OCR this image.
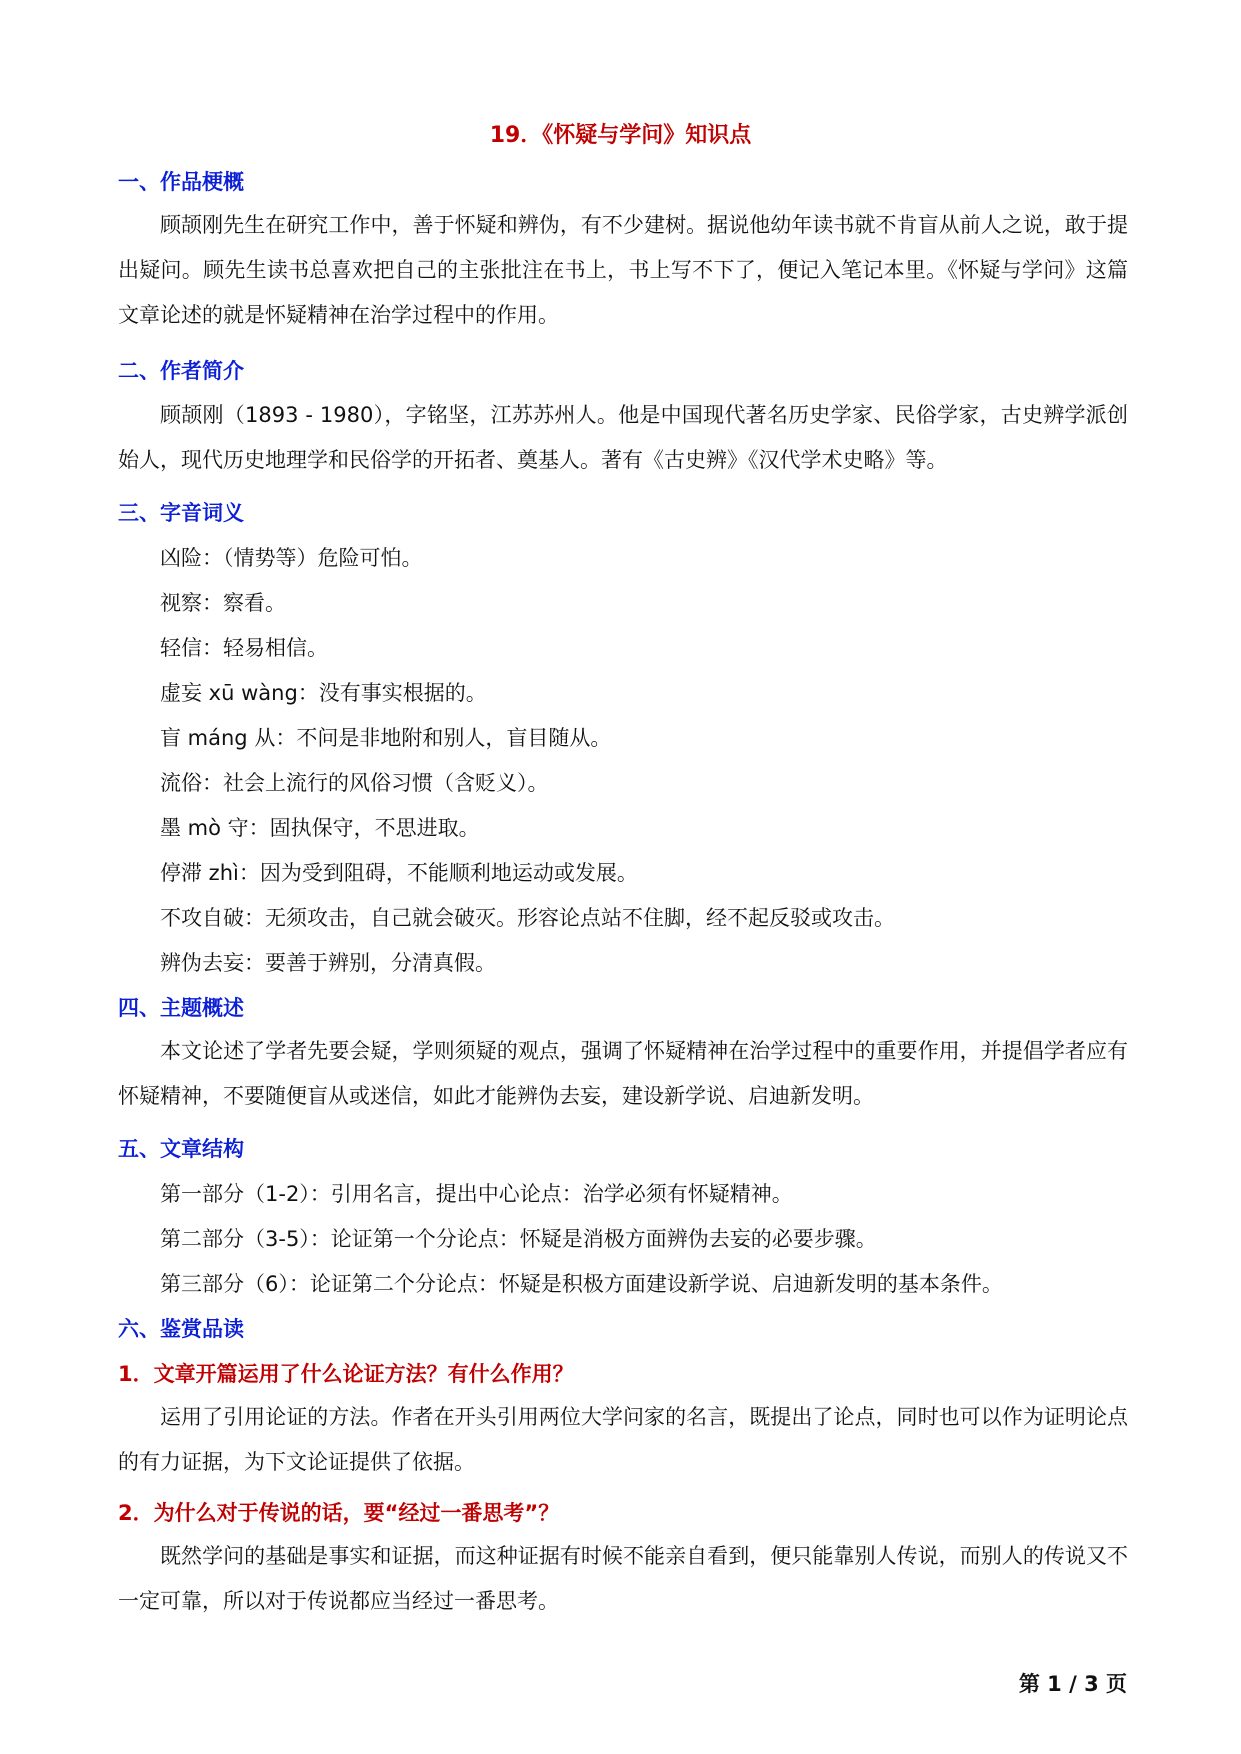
19．《怀疑与学问》知识点
一、作品梗概
顾颉刚先生在研究工作中，善于怀疑和辨伪，有不少建树。据说他幼年读书就不肯盲从前人之说，敢于提出疑问。顾先生读书总喜欢把自己的主张批注在书上，书上写不下了，便记入笔记本里。《怀疑与学问》这篇文章论述的就是怀疑精神在治学过程中的作用。
二、作者简介
顾颉刚（1893 - 1980），字铭坚，江苏苏州人。他是中国现代著名历史学家、民俗学家，古史辨学派创始人，现代历史地理学和民俗学的开拓者、奠基人。著有《古史辨》《汉代学术史略》等。
三、字音词义
凶险：（情势等）危险可怕。
视察：察看。
轻信：轻易相信。
虚妄 xū wàng：没有事实根据的。
盲 máng 从：不问是非地附和别人，盲目随从。
流俗：社会上流行的风俗习惯（含贬义）。
墨 mò 守：固执保守，不思进取。
停滞 zhì：因为受到阻碍，不能顺利地运动或发展。
不攻自破：无须攻击，自己就会破灭。形容论点站不住脚，经不起反驳或攻击。
辨伪去妄：要善于辨别，分清真假。
四、主题概述
本文论述了学者先要会疑，学则须疑的观点，强调了怀疑精神在治学过程中的重要作用，并提倡学者应有怀疑精神，不要随便盲从或迷信，如此才能辨伪去妄，建设新学说、启迪新发明。
五、文章结构
第一部分（1-2）：引用名言，提出中心论点：治学必须有怀疑精神。
第二部分（3-5）：论证第一个分论点：怀疑是消极方面辨伪去妄的必要步骤。
第三部分（6）：论证第二个分论点：怀疑是积极方面建设新学说、启迪新发明的基本条件。
六、鉴赏品读
1．文章开篇运用了什么论证方法？有什么作用？
运用了引用论证的方法。作者在开头引用两位大学问家的名言，既提出了论点，同时也可以作为证明论点的有力证据，为下文论证提供了依据。
2．为什么对于传说的话，要“经过一番思考”？
既然学问的基础是事实和证据，而这种证据有时候不能亲自看到，便只能靠别人传说，而别人的传说又不一定可靠，所以对于传说都应当经过一番思考。
第 1 / 3 页
